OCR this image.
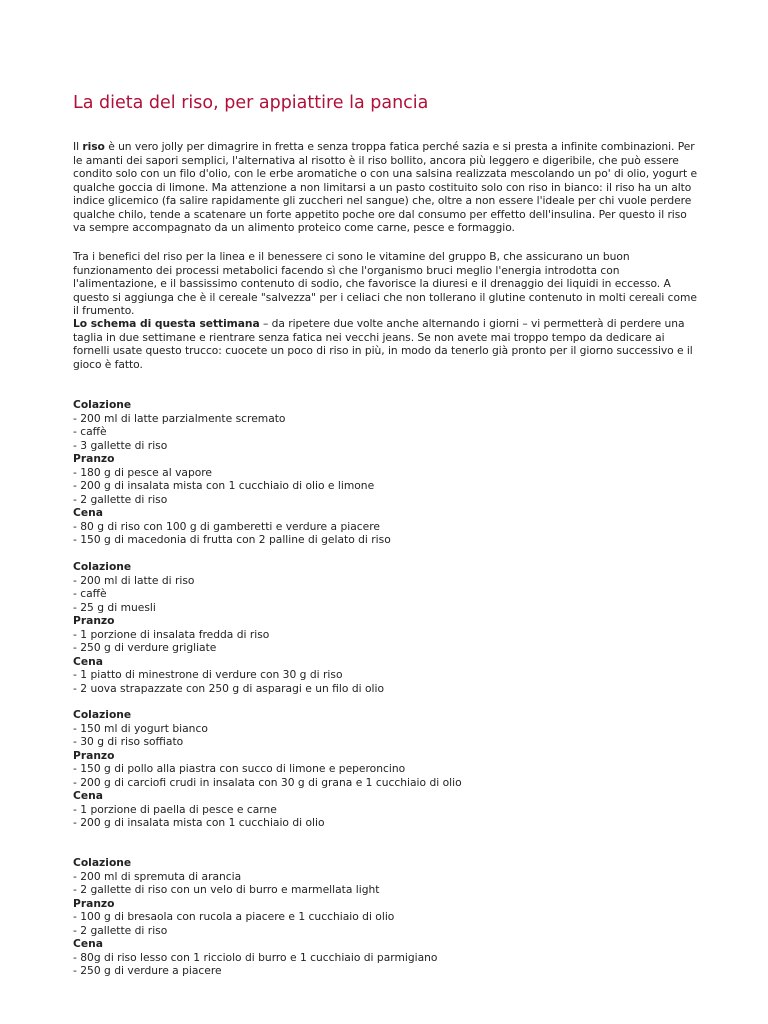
La dieta del riso, per appiattire la pancia

Il riso è un vero jolly per dimagrire in fretta e senza troppa fatica perché sazia e si presta a infinite combinazioni. Per le amanti dei sapori semplici, l'alternativa al risotto è il riso bollito, ancora più leggero e digeribile, che può essere condito solo con un filo d'olio, con le erbe aromatiche o con una salsina realizzata mescolando un po' di olio, yogurt e qualche goccia di limone. Ma attenzione a non limitarsi a un pasto costituito solo con riso in bianco: il riso ha un alto indice glicemico (fa salire rapidamente gli zuccheri nel sangue) che, oltre a non essere l'ideale per chi vuole perdere qualche chilo, tende a scatenare un forte appetito poche ore dal consumo per effetto dell'insulina. Per questo il riso va sempre accompagnato da un alimento proteico come carne, pesce e formaggio.

Tra i benefici del riso per la linea e il benessere ci sono le vitamine del gruppo B, che assicurano un buon funzionamento dei processi metabolici facendo sì che l'organismo bruci meglio l'energia introdotta con l'alimentazione, e il bassissimo contenuto di sodio, che favorisce la diuresi e il drenaggio dei liquidi in eccesso. A questo si aggiunga che è il cereale "salvezza" per i celiaci che non tollerano il glutine contenuto in molti cereali come il frumento.

Lo schema di questa settimana – da ripetere due volte anche alternando i giorni – vi permetterà di perdere una taglia in due settimane e rientrare senza fatica nei vecchi jeans. Se non avete mai troppo tempo da dedicare ai fornelli usate questo trucco: cuocete un poco di riso in più, in modo da tenerlo già pronto per il giorno successivo e il gioco è fatto.

Colazione
- 200 ml di latte parzialmente scremato
- caffè
- 3 gallette di riso
Pranzo
- 180 g di pesce al vapore
- 200 g di insalata mista con 1 cucchiaio di olio e limone
- 2 gallette di riso
Cena
- 80 g di riso con 100 g di gamberetti e verdure a piacere
- 150 g di macedonia di frutta con 2 palline di gelato di riso
Colazione
- 200 ml di latte di riso
- caffè
- 25 g di muesli
Pranzo
- 1 porzione di insalata fredda di riso
- 250 g di verdure grigliate
Cena
- 1 piatto di minestrone di verdure con 30 g di riso
- 2 uova strapazzate con 250 g di asparagi e un filo di olio
Colazione
- 150 ml di yogurt bianco
- 30 g di riso soffiato
Pranzo
- 150 g di pollo alla piastra con succo di limone e peperoncino
- 200 g di carciofi crudi in insalata con 30 g di grana e 1 cucchiaio di olio
Cena
- 1 porzione di paella di pesce e carne
- 200 g di insalata mista con 1 cucchiaio di olio
Colazione
- 200 ml di spremuta di arancia
- 2 gallette di riso con un velo di burro e marmellata light
Pranzo
- 100 g di bresaola con rucola a piacere e 1 cucchiaio di olio
- 2 gallette di riso
Cena
- 80g di riso lesso con 1 ricciolo di burro e 1 cucchiaio di parmigiano
- 250 g di verdure a piacere
